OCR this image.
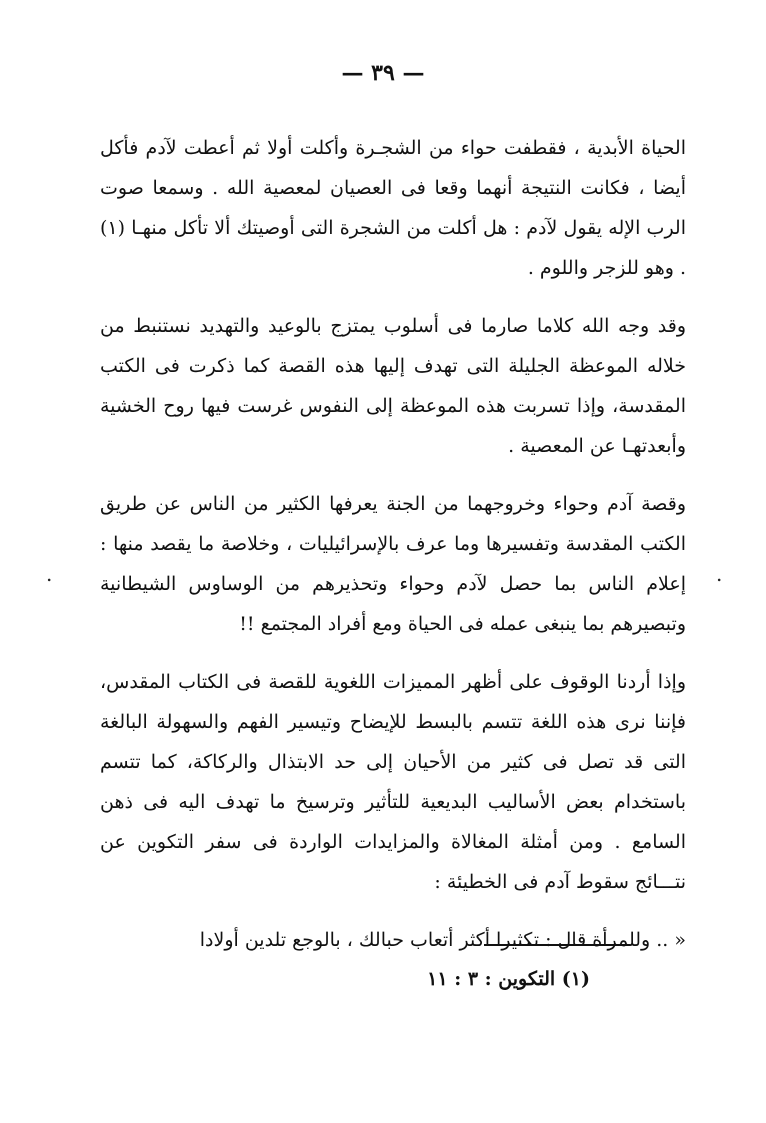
— ٣٩ —

الحياة الأبدية ، فقطفت حواء من الشجـرة وأكلت أولا ثم أعطت لآدم فأكل أيضا ، فكانت النتيجة أنهما وقعا فى العصيان لمعصية الله . وسمعا صوت الرب الإله يقول لآدم : هل أكلت من الشجرة التى أوصيتك ألا تأكل منهـا (١) . وهو للزجر واللوم .

وقد وجه الله كلاما صارما فى أسلوب يمتزج بالوعيد والتهديد نستنبط من خلاله الموعظة الجليلة التى تهدف إليها هذه القصة كما ذكرت فى الكتب المقدسة، وإذا تسربت هذه الموعظة إلى النفوس غرست فيها روح الخشية وأبعدتهـا عن المعصية .

وقصة آدم وحواء وخروجهما من الجنة يعرفها الكثير من الناس عن طريق الكتب المقدسة وتفسيرها وما عرف بالإسرائيليات ، وخلاصة ما يقصد منها : إعلام الناس بما حصل لآدم وحواء وتحذيرهم من الوساوس الشيطانية وتبصيرهم بما ينبغى عمله فى الحياة ومع أفراد المجتمع !!

وإذا أردنا الوقوف على أظهر المميزات اللغوية للقصة فى الكتاب المقدس، فإننا نرى هذه اللغة تتسم بالبسط للإيضاح وتيسير الفهم والسهولة البالغة التى قد تصل فى كثير من الأحيان إلى حد الابتذال والركاكة، كما تتسم باستخدام بعض الأساليب البديعية للتأثير وترسيخ ما تهدف اليه فى ذهن السامع . ومن أمثلة المغالاة والمزايدات الواردة فى سفر التكوين عن نتـــائج سقوط آدم فى الخطيئة :

« .. وللمرأة قال : تكثيرا أكثر أتعاب حبالك ، بالوجع تلدين أولادا

.	.
(١) التكوين : ٣ : ١١
